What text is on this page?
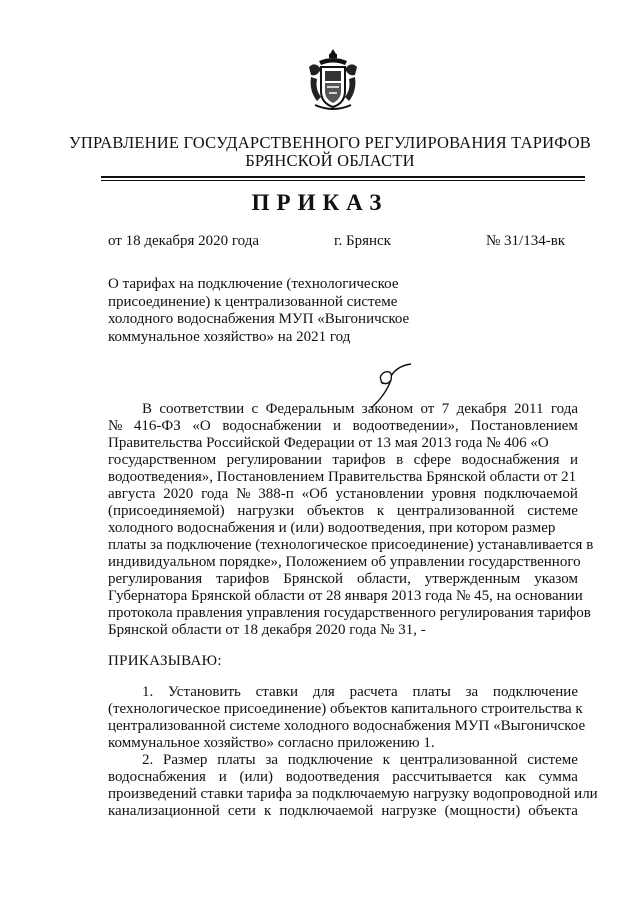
УПРАВЛЕНИЕ ГОСУДАРСТВЕННОГО РЕГУЛИРОВАНИЯ ТАРИФОВ
БРЯНСКОЙ ОБЛАСТИ
ПРИКАЗ
от 18 декабря 2020 года	г. Брянск	№ 31/134-вк
О тарифах на подключение (технологическое
присоединение) к централизованной системе
холодного водоснабжения МУП «Выгоничское
коммунальное хозяйство» на 2021 год
В соответствии с Федеральным законом от 7 декабря 2011 года
№ 416-ФЗ «О водоснабжении и водоотведении», Постановлением
Правительства Российской Федерации от 13 мая 2013 года № 406 «О
государственном регулировании тарифов в сфере водоснабжения и
водоотведения», Постановлением Правительства Брянской области от 21
августа 2020 года № 388-п «Об установлении уровня подключаемой
(присоединяемой) нагрузки объектов к централизованной системе
холодного водоснабжения и (или) водоотведения, при котором размер
платы за подключение (технологическое присоединение) устанавливается в
индивидуальном порядке», Положением об управлении государственного
регулирования тарифов Брянской области, утвержденным указом
Губернатора Брянской области от 28 января 2013 года № 45, на основании
протокола правления управления государственного регулирования тарифов
Брянской области от 18 декабря 2020 года № 31, -
ПРИКАЗЫВАЮ:
1. Установить ставки для расчета платы за подключение
(технологическое присоединение) объектов капитального строительства к
централизованной системе холодного водоснабжения МУП «Выгоничское
коммунальное хозяйство» согласно приложению 1.
2. Размер платы за подключение к централизованной системе
водоснабжения и (или) водоотведения рассчитывается как сумма
произведений ставки тарифа за подключаемую нагрузку водопроводной или
канализационной сети к подключаемой нагрузке (мощности) объекта
